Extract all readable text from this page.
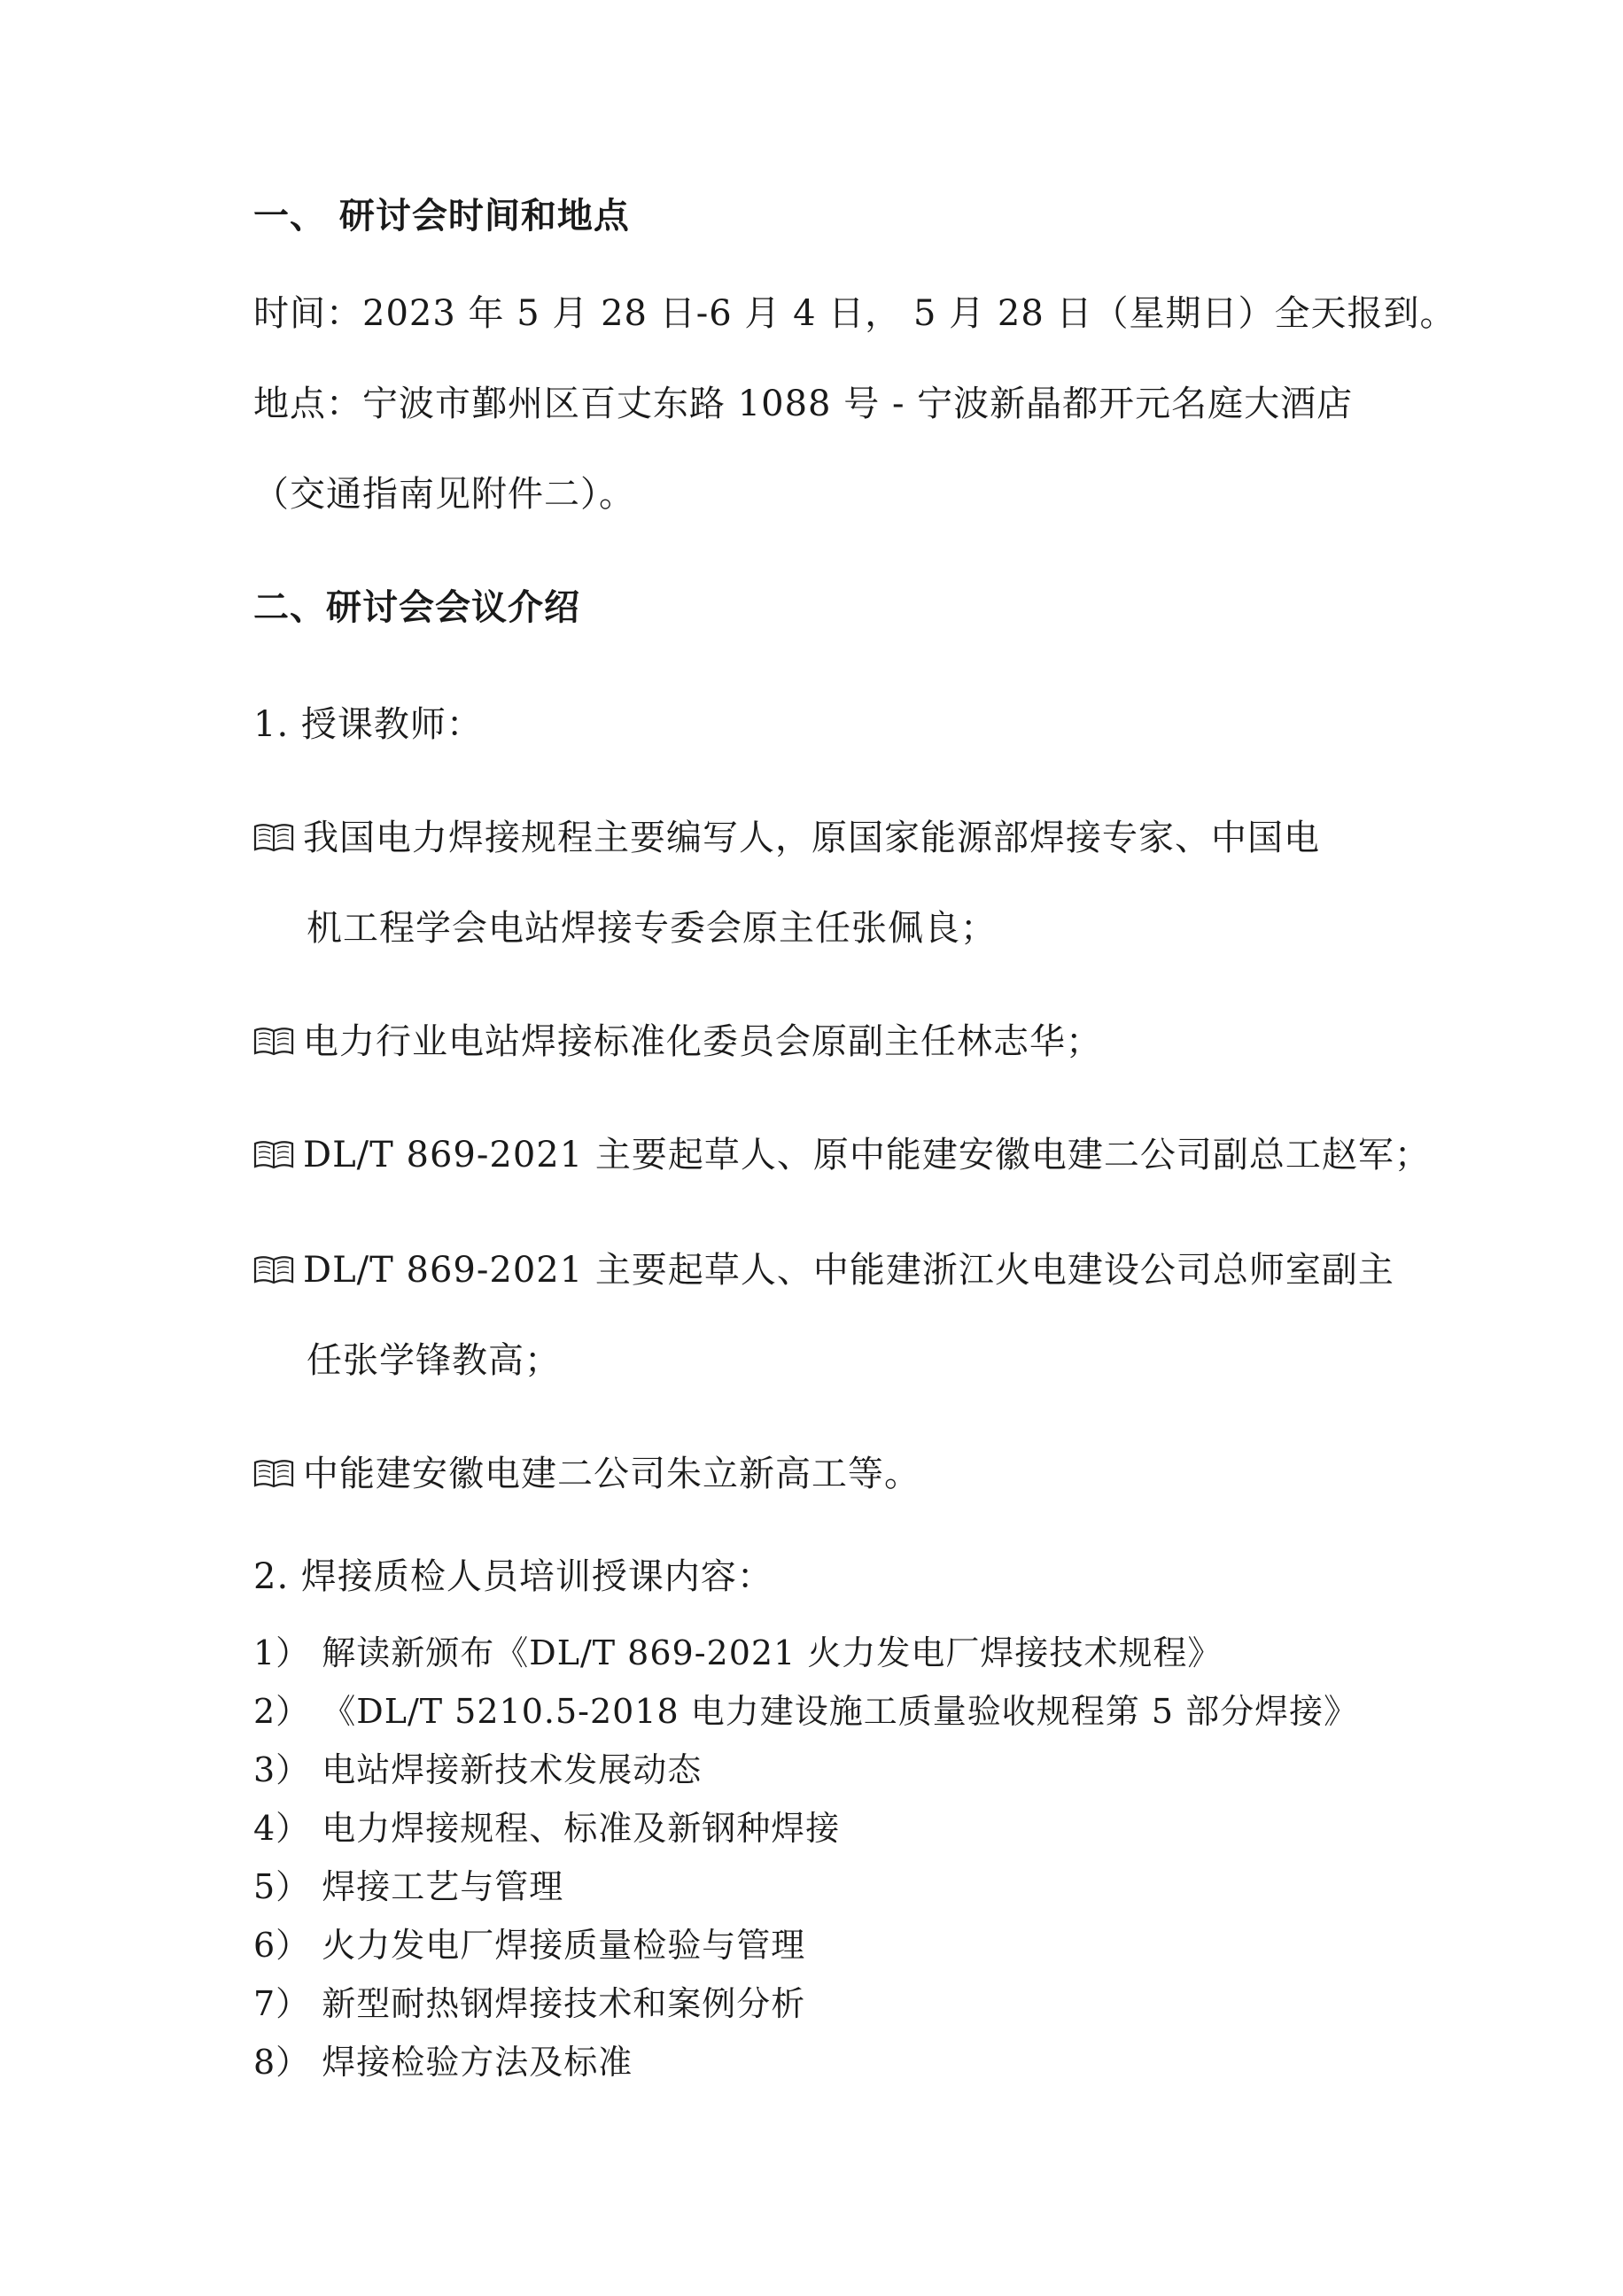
一、 研讨会时间和地点
时间：2023 年 5 月 28 日-6 月 4 日， 5 月 28 日（星期日）全天报到。
地点：宁波市鄞州区百丈东路 1088 号 - 宁波新晶都开元名庭大酒店
（交通指南见附件二）。
二、研讨会会议介绍
1. 授课教师：
我国电力焊接规程主要编写人，原国家能源部焊接专家、中国电
机工程学会电站焊接专委会原主任张佩良；
电力行业电站焊接标准化委员会原副主任林志华；
DL/T 869-2021 主要起草人、原中能建安徽电建二公司副总工赵军；
DL/T 869-2021 主要起草人、中能建浙江火电建设公司总师室副主
任张学锋教高；
中能建安徽电建二公司朱立新高工等。
2. 焊接质检人员培训授课内容：
1） 解读新颁布《DL/T 869-2021 火力发电厂焊接技术规程》
2） 《DL/T 5210.5-2018 电力建设施工质量验收规程第 5 部分焊接》
3） 电站焊接新技术发展动态
4） 电力焊接规程、标准及新钢种焊接
5） 焊接工艺与管理
6） 火力发电厂焊接质量检验与管理
7） 新型耐热钢焊接技术和案例分析
8） 焊接检验方法及标准
